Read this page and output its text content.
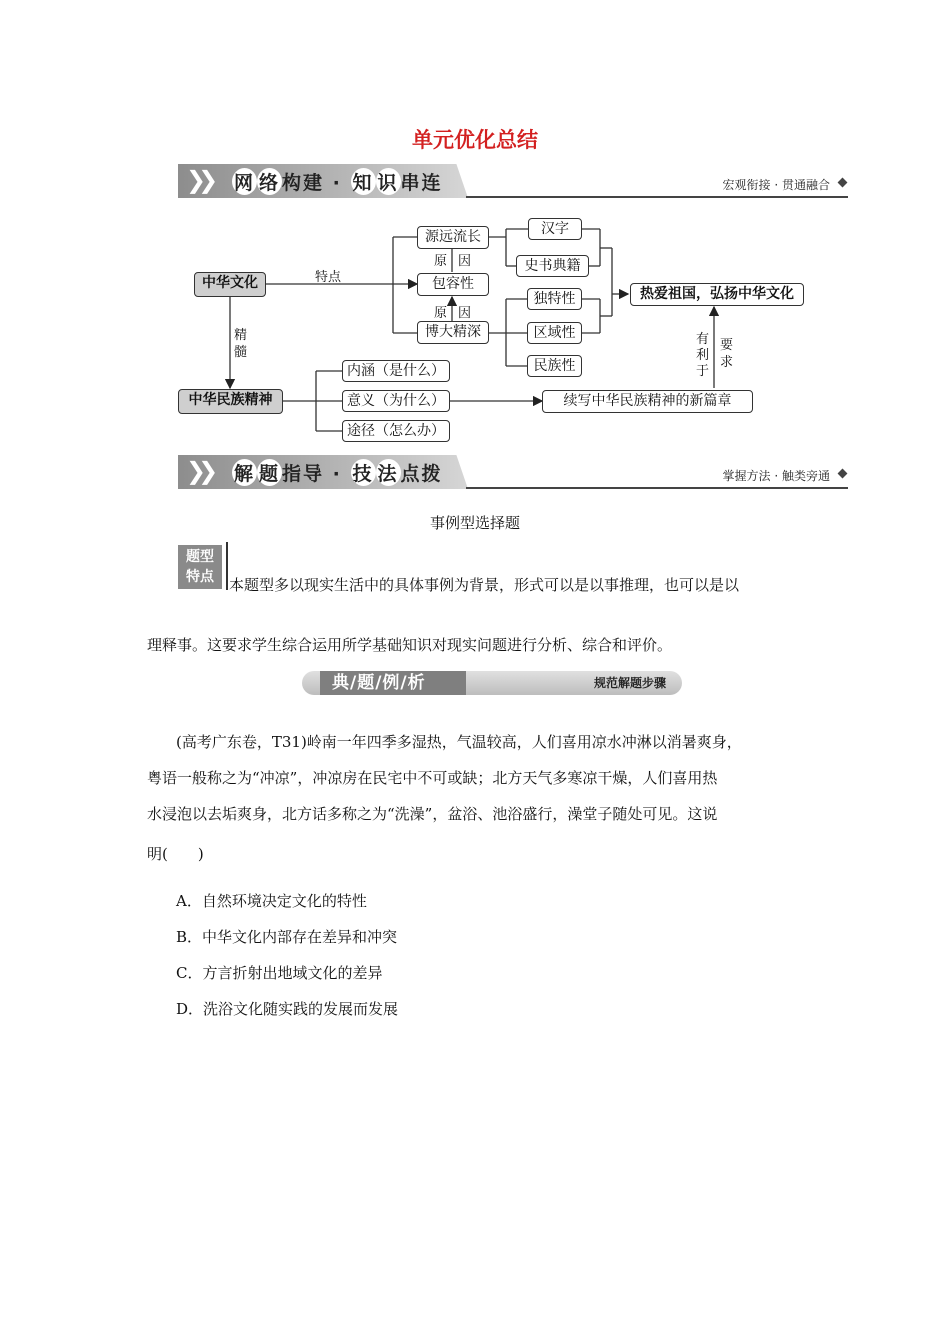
单元优化总结
❯❯ 网 络 构建 · 知 识 串连	宏观衔接 · 贯通融合
中华文化	特点
精
髓
源远流长
原 因
包容性
原 因
博大精深
汉字
史书典籍
独特性
区域性
民族性
热爱祖国，弘扬中华文化
有
利
于
要
求
中华民族精神
内涵（是什么）
意义（为什么）
途径（怎么办）
续写中华民族精神的新篇章
❯❯ 解 题 指导 · 技 法 点拨	掌握方法 · 触类旁通
事例型选择题
题型
特点	本题型多以现实生活中的具体事例为背景，形式可以是以事推理，也可以是以
理释事。这要求学生综合运用所学基础知识对现实问题进行分析、综合和评价。
典/题/例/析	规范解题步骤
(高考广东卷，T31)岭南一年四季多湿热，气温较高，人们喜用凉水冲淋以消暑爽身，
粤语一般称之为“冲凉”，冲凉房在民宅中不可或缺；北方天气多寒凉干燥，人们喜用热
水浸泡以去垢爽身，北方话多称之为“洗澡”，盆浴、池浴盛行，澡堂子随处可见。这说
明(　　)
A．自然环境决定文化的特性
B．中华文化内部存在差异和冲突
C．方言折射出地域文化的差异
D．洗浴文化随实践的发展而发展
